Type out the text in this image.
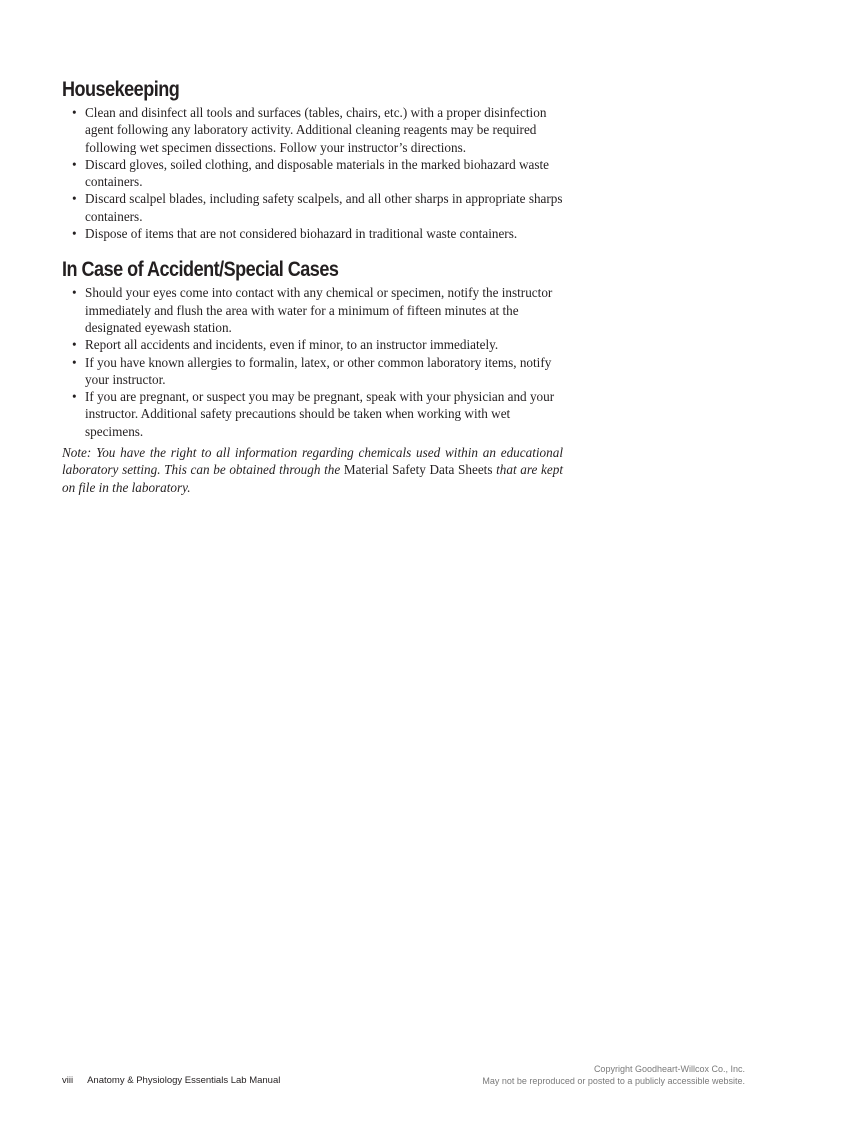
Housekeeping
• Clean and disinfect all tools and surfaces (tables, chairs, etc.) with a proper disinfection agent following any laboratory activity. Additional cleaning reagents may be required following wet specimen dissections. Follow your instructor’s directions.
• Discard gloves, soiled clothing, and disposable materials in the marked biohazard waste containers.
• Discard scalpel blades, including safety scalpels, and all other sharps in appropriate sharps containers.
• Dispose of items that are not considered biohazard in traditional waste containers.
In Case of Accident/Special Cases
• Should your eyes come into contact with any chemical or specimen, notify the instructor immediately and flush the area with water for a minimum of fifteen minutes at the designated eyewash station.
• Report all accidents and incidents, even if minor, to an instructor immediately.
• If you have known allergies to formalin, latex, or other common laboratory items, notify your instructor.
• If you are pregnant, or suspect you may be pregnant, speak with your physician and your instructor. Additional safety precautions should be taken when working with wet specimens.

Note: You have the right to all information regarding chemicals used within an educational laboratory setting. This can be obtained through the Material Safety Data Sheets that are kept on file in the laboratory.

viii Anatomy & Physiology Essentials Lab Manual
Copyright Goodheart-Willcox Co., Inc.
May not be reproduced or posted to a publicly accessible website.
